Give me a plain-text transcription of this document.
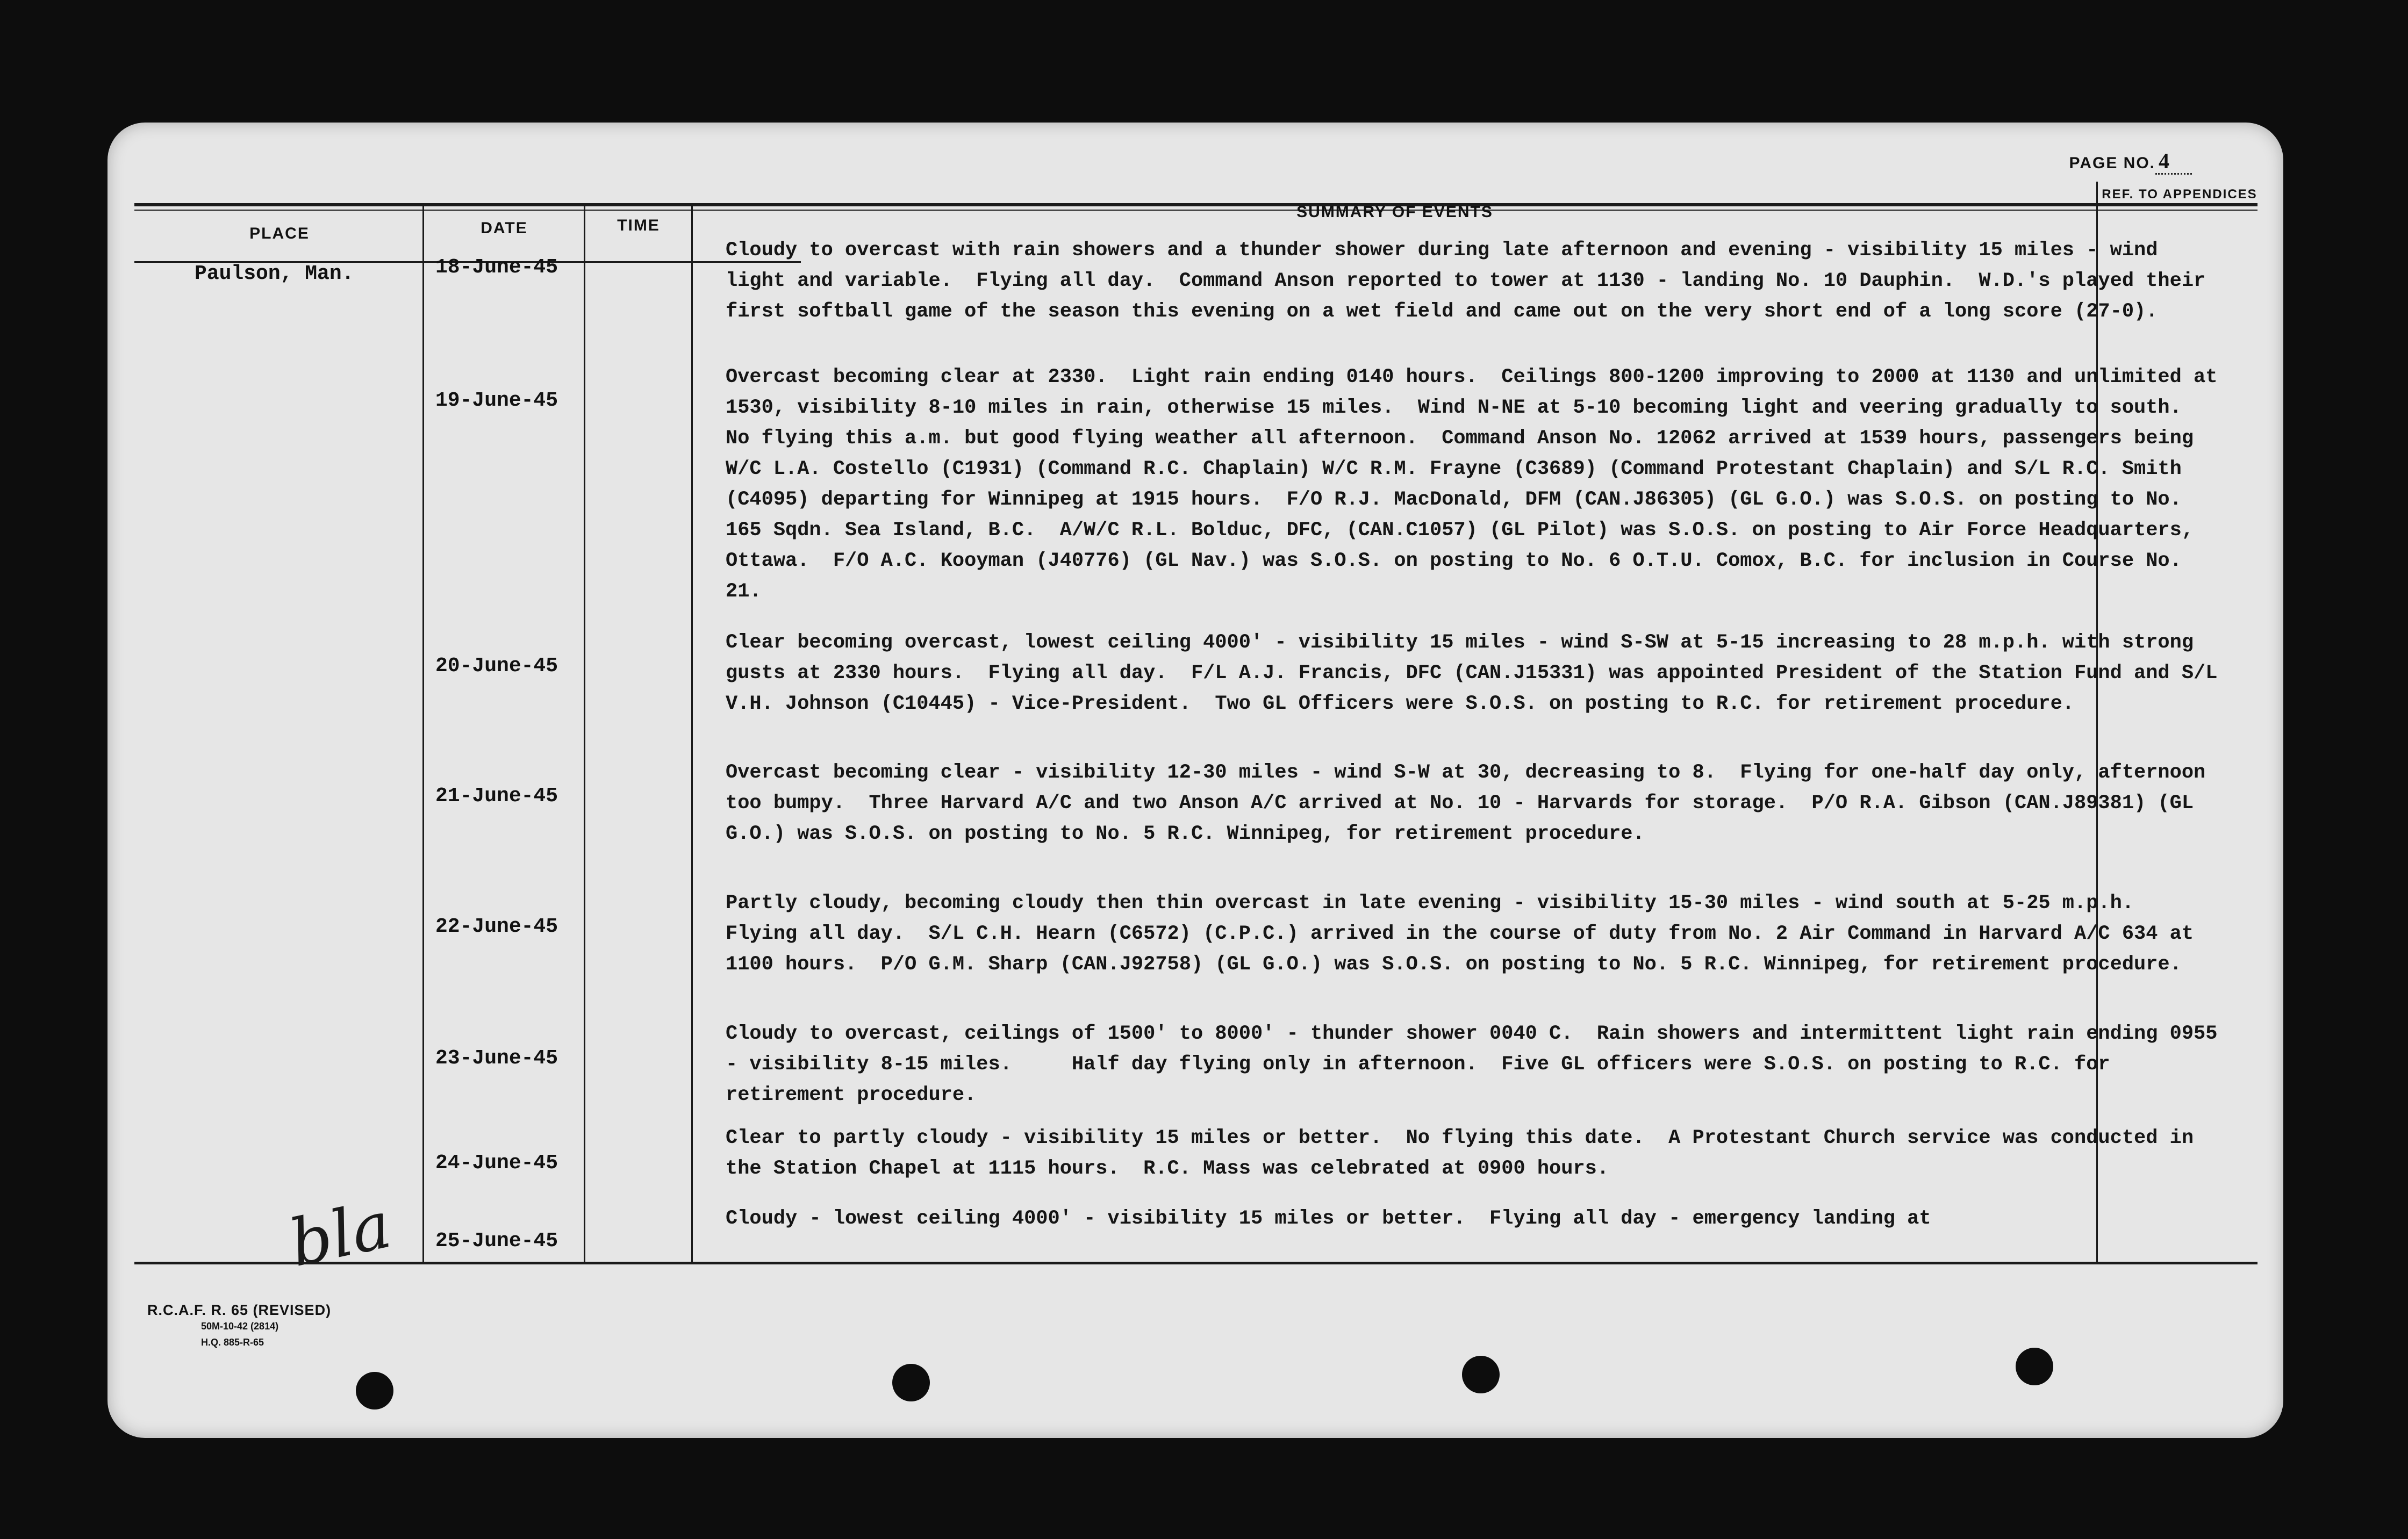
PAGE NO. 4
PLACE	DATE	TIME
SUMMARY OF EVENTS
REF. TO APPENDICES
Paulson, Man.	18-June-45
Cloudy to overcast with rain showers and a thunder shower during late afternoon and evening - visibility 15 miles - wind light and variable.  Flying all day.  Command Anson reported to tower at 1130 - landing No. 10 Dauphin.  W.D.'s played their first softball game of the season this evening on a wet field and came out on the very short end of a long score (27-0).
19-June-45
Overcast becoming clear at 2330.  Light rain ending 0140 hours.  Ceilings 800-1200 improving to 2000 at 1130 and unlimited at 1530, visibility 8-10 miles in rain, otherwise 15 miles.  Wind N-NE at 5-10 becoming light and veering gradually to south.  No flying this a.m. but good flying weather all afternoon.  Command Anson No. 12062 arrived at 1539 hours, passengers being W/C L.A. Costello (C1931) (Command R.C. Chaplain) W/C R.M. Frayne (C3689) (Command Protestant Chaplain) and S/L R.C. Smith (C4095) departing for Winnipeg at 1915 hours.  F/O R.J. MacDonald, DFM (CAN.J86305) (GL G.O.) was S.O.S. on posting to No. 165 Sqdn. Sea Island, B.C.  A/W/C R.L. Bolduc, DFC, (CAN.C1057) (GL Pilot) was S.O.S. on posting to Air Force Headquarters, Ottawa.  F/O A.C. Kooyman (J40776) (GL Nav.) was S.O.S. on posting to No. 6 O.T.U. Comox, B.C. for inclusion in Course No. 21.
20-June-45
Clear becoming overcast, lowest ceiling 4000' - visibility 15 miles - wind S-SW at 5-15 increasing to 28 m.p.h. with strong gusts at 2330 hours.  Flying all day.  F/L A.J. Francis, DFC (CAN.J15331) was appointed President of the Station Fund and S/L V.H. Johnson (C10445) - Vice-President.  Two GL Officers were S.O.S. on posting to R.C. for retirement procedure.
21-June-45
Overcast becoming clear - visibility 12-30 miles - wind S-W at 30, decreasing to 8.  Flying for one-half day only, afternoon too bumpy.  Three Harvard A/C and two Anson A/C arrived at No. 10 - Harvards for storage.  P/O R.A. Gibson (CAN.J89381) (GL G.O.) was S.O.S. on posting to No. 5 R.C. Winnipeg, for retirement procedure.
22-June-45
Partly cloudy, becoming cloudy then thin overcast in late evening - visibility 15-30 miles - wind south at 5-25 m.p.h.  Flying all day.  S/L C.H. Hearn (C6572) (C.P.C.) arrived in the course of duty from No. 2 Air Command in Harvard A/C 634 at 1100 hours.  P/O G.M. Sharp (CAN.J92758) (GL G.O.) was S.O.S. on posting to No. 5 R.C. Winnipeg, for retirement procedure.
23-June-45
Cloudy to overcast, ceilings of 1500' to 8000' - thunder shower 0040 C.  Rain showers and intermittent light rain ending 0955 - visibility 8-15 miles.     Half day flying only in afternoon.  Five GL officers were S.O.S. on posting to R.C. for retirement procedure.
24-June-45
Clear to partly cloudy - visibility 15 miles or better.  No flying this date.  A Protestant Church service was conducted in the Station Chapel at 1115 hours.  R.C. Mass was celebrated at 0900 hours.
25-June-45
Cloudy - lowest ceiling 4000' - visibility 15 miles or better.  Flying all day - emergency landing at
bla
R.C.A.F. R. 65 (REVISED)
50M-10-42 (2814)
H.Q. 885-R-65
